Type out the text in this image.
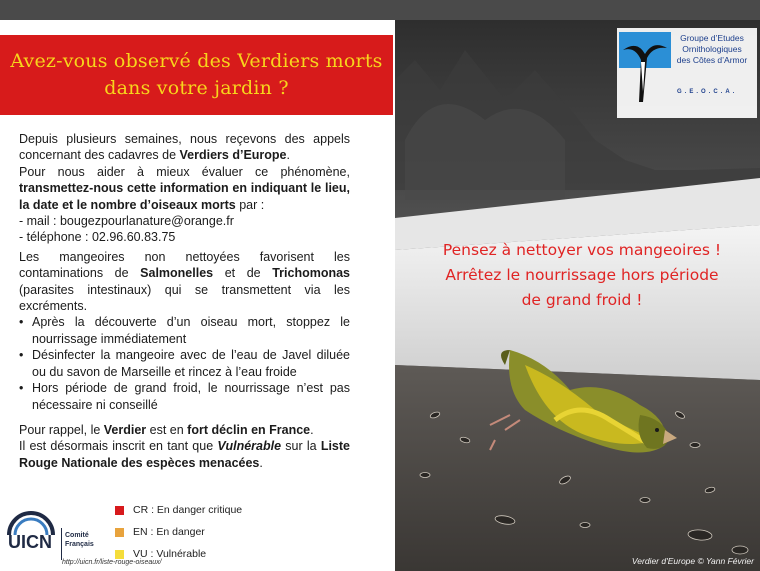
Avez-vous observé des Verdiers morts
dans votre jardin ?

Depuis plusieurs semaines, nous reçevons des appels concernant des cadavres de Verdiers d’Europe.

Pour nous aider à mieux évaluer ce phénomène, transmettez-nous cette information en indiquant le lieu, la date et le nombre d’oiseaux morts par :

- mail : bougezpourlanature@orange.fr

- téléphone : 02.96.60.83.75

Les mangeoires non nettoyées favorisent les contaminations de Salmonelles et de Trichomonas (parasites intestinaux) qui se transmettent via les excréments.

• Après la découverte d’un oiseau mort, stoppez le nourrissage immédiatement
• Désinfecter la mangeoire avec de l’eau de Javel diluée ou du savon de Marseille et rincez à l’eau froide
• Hors période de grand froid, le nourrissage n’est pas nécessaire ni conseillé

Pour rappel, le Verdier est en fort déclin en France.

Il est désormais inscrit en tant que Vulnérable sur la Liste Rouge Nationale des espèces menacées.

UICN Comité
Français
CR : En danger critique
EN : En danger
VU : Vulnérable
http://uicn.fr/liste-rouge-oiseaux/
Groupe d’Etudes
Ornithologiques
des Côtes d’Armor
G.E.O.C.A.
Pensez à nettoyer vos mangeoires !
Arrêtez le nourrissage hors période
de grand froid !
Verdier d'Europe © Yann Février
